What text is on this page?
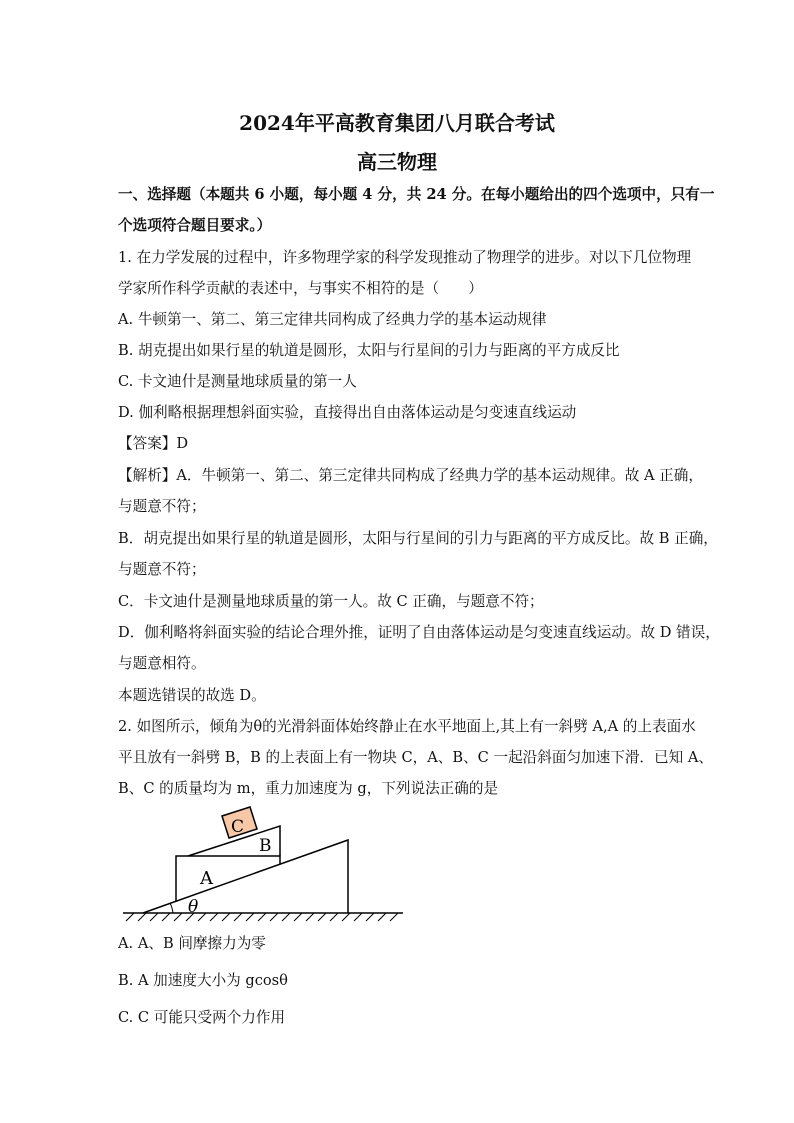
2024年平高教育集团八月联合考试
高三物理
一、选择题（本题共 6 小题，每小题 4 分，共 24 分。在每小题给出的四个选项中，只有一
个选项符合题目要求。）
1. 在力学发展的过程中，许多物理学家的科学发现推动了物理学的进步。对以下几位物理
学家所作科学贡献的表述中，与事实不相符的是（　　）
A. 牛顿第一、第二、第三定律共同构成了经典力学的基本运动规律
B. 胡克提出如果行星的轨道是圆形，太阳与行星间的引力与距离的平方成反比
C. 卡文迪什是测量地球质量的第一人
D. 伽利略根据理想斜面实验，直接得出自由落体运动是匀变速直线运动
【答案】D
【解析】A．牛顿第一、第二、第三定律共同构成了经典力学的基本运动规律。故 A 正确，
与题意不符；
B．胡克提出如果行星的轨道是圆形，太阳与行星间的引力与距离的平方成反比。故 B 正确，
与题意不符；
C．卡文迪什是测量地球质量的第一人。故 C 正确，与题意不符；
D．伽利略将斜面实验的结论合理外推，证明了自由落体运动是匀变速直线运动。故 D 错误，
与题意相符。
本题选错误的故选 D。
2. 如图所示，倾角为θ的光滑斜面体始终静止在水平地面上,其上有一斜劈 A,A 的上表面水
平且放有一斜劈 B，B 的上表面上有一物块 C，A、B、C 一起沿斜面匀加速下滑．已知 A、
B、C 的质量均为 m，重力加速度为 g，下列说法正确的是
C
B
A
θ
A. A、B 间摩擦力为零
B. A 加速度大小为 gcosθ
C. C 可能只受两个力作用
